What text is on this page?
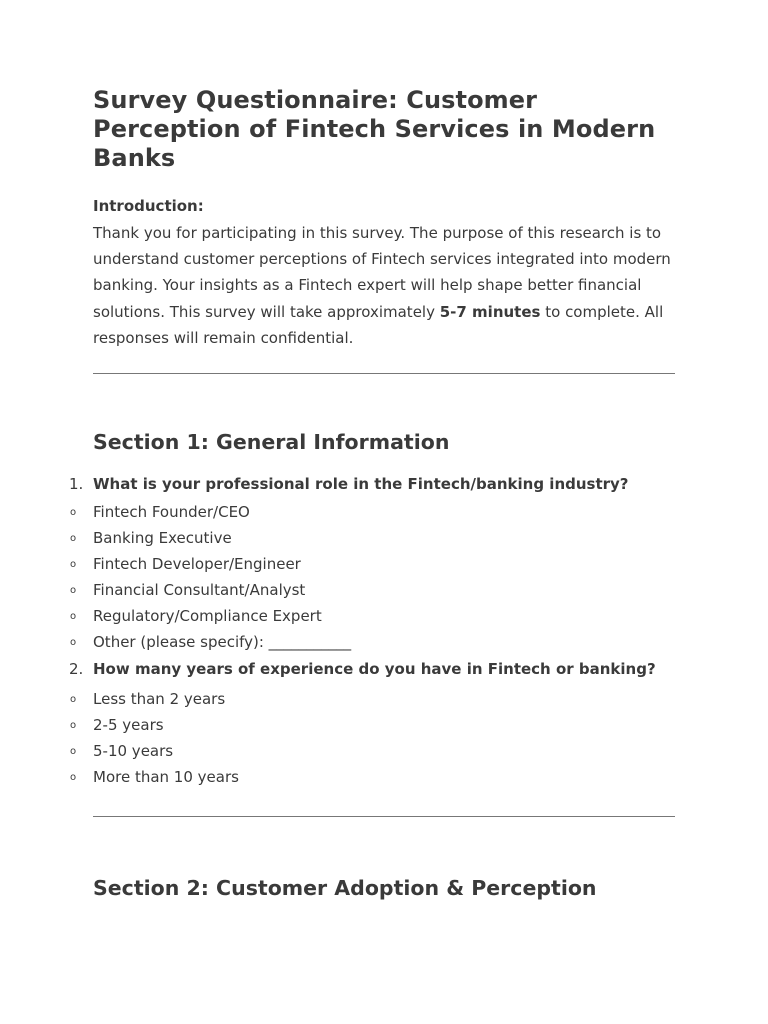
Survey Questionnaire: Customer Perception of Fintech Services in Modern Banks
Introduction:

Thank you for participating in this survey. The purpose of this research is to understand customer perceptions of Fintech services integrated into modern banking. Your insights as a Fintech expert will help shape better financial solutions. This survey will take approximately 5-7 minutes to complete. All responses will remain confidential.

Section 1: General Information
1. What is your professional role in the Fintech/banking industry?
o Fintech Founder/CEO
o Banking Executive
o Fintech Developer/Engineer
o Financial Consultant/Analyst
o Regulatory/Compliance Expert
o Other (please specify): ___________
2. How many years of experience do you have in Fintech or banking?
o Less than 2 years
o 2-5 years
o 5-10 years
o More than 10 years
Section 2: Customer Adoption & Perception
